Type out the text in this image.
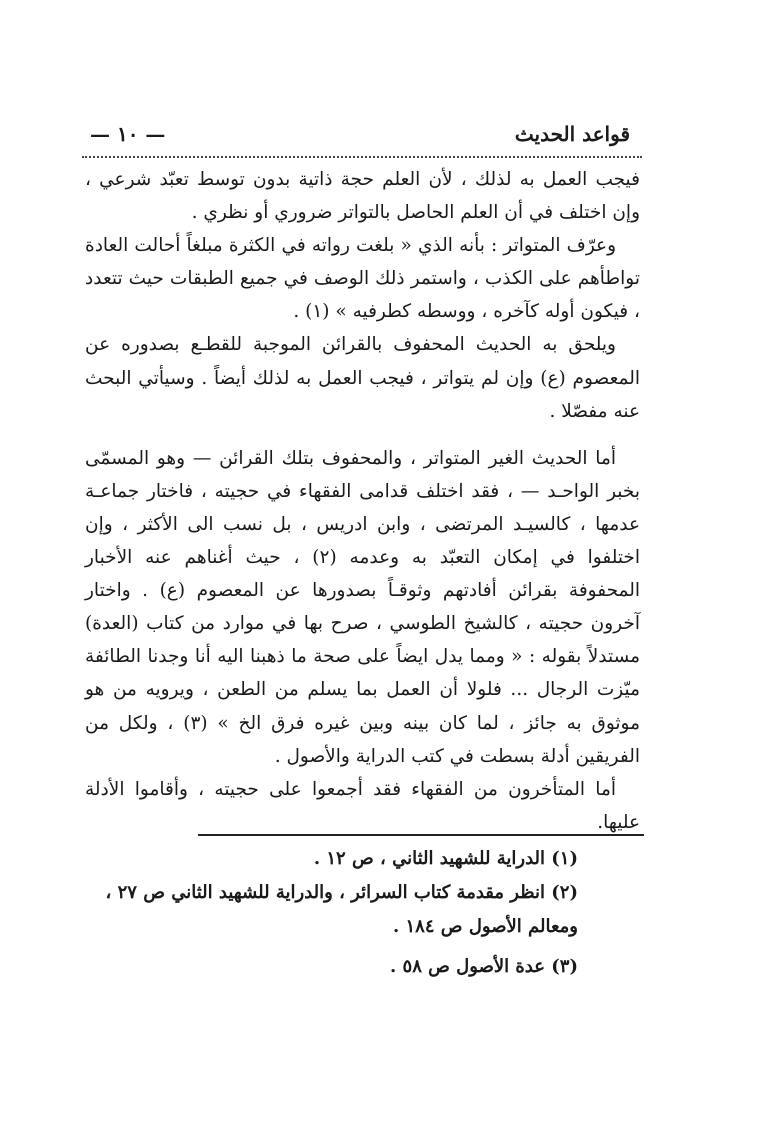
قواعد الحديث
— ١٠ —

فيجب العمل به لذلك ، لأن العلم حجة ذاتية بدون توسط تعبّد شرعي ، وإن اختلف في أن العلم الحاصل بالتواتر ضروري أو نظري .

وعرّف المتواتر : بأنه الذي « بلغت رواته في الكثرة مبلغاً أحالت العادة تواطأهم على الكذب ، واستمر ذلك الوصف في جميع الطبقات حيث تتعدد ، فيكون أوله كآخره ، ووسطه كطرفيه » (١) .

ويلحق به الحديث المحفوف بالقرائن الموجبة للقطـع بصدوره عن المعصوم (ع) وإن لم يتواتر ، فيجب العمل به لذلك أيضاً . وسيأتي البحث عنه مفصّلا .

أما الحديث الغير المتواتر ، والمحفوف بتلك القرائن — وهو المسمّى بخبر الواحـد — ، فقد اختلف قدامى الفقهاء في حجيته ، فاختار جماعـة عدمها ، كالسيـد المرتضى ، وابن ادريس ، بل نسب الى الأكثر ، وإن اختلفوا في إمكان التعبّد به وعدمه (٢) ، حيث أغناهم عنه الأخبار المحفوفة بقرائن أفادتهم وثوقـاً بصدورها عن المعصوم (ع) . واختار آخرون حجيته ، كالشيخ الطوسي ، صرح بها في موارد من كتاب (العدة) مستدلاً بقوله : « ومما يدل ايضاً على صحة ما ذهبنا اليه أنا وجدنا الطائفة ميّزت الرجال ... فلولا أن العمل بما يسلم من الطعن ، ويرويه من هو موثوق به جائز ، لما كان بينه وبين غيره فرق الخ » (٣) ، ولكل من الفريقين أدلة بسطت في كتب الدراية والأصول .

أما المتأخرون من الفقهاء فقد أجمعوا على حجيته ، وأقاموا الأدلة عليها.

(١) الدراية للشهيد الثاني ، ص ١٢ .

(٢) انظر مقدمة كتاب السرائر ، والدراية للشهيد الثاني ص ٢٧ ، ومعالم الأصول ص ١٨٤ .

(٣) عدة الأصول ص ٥٨ .
